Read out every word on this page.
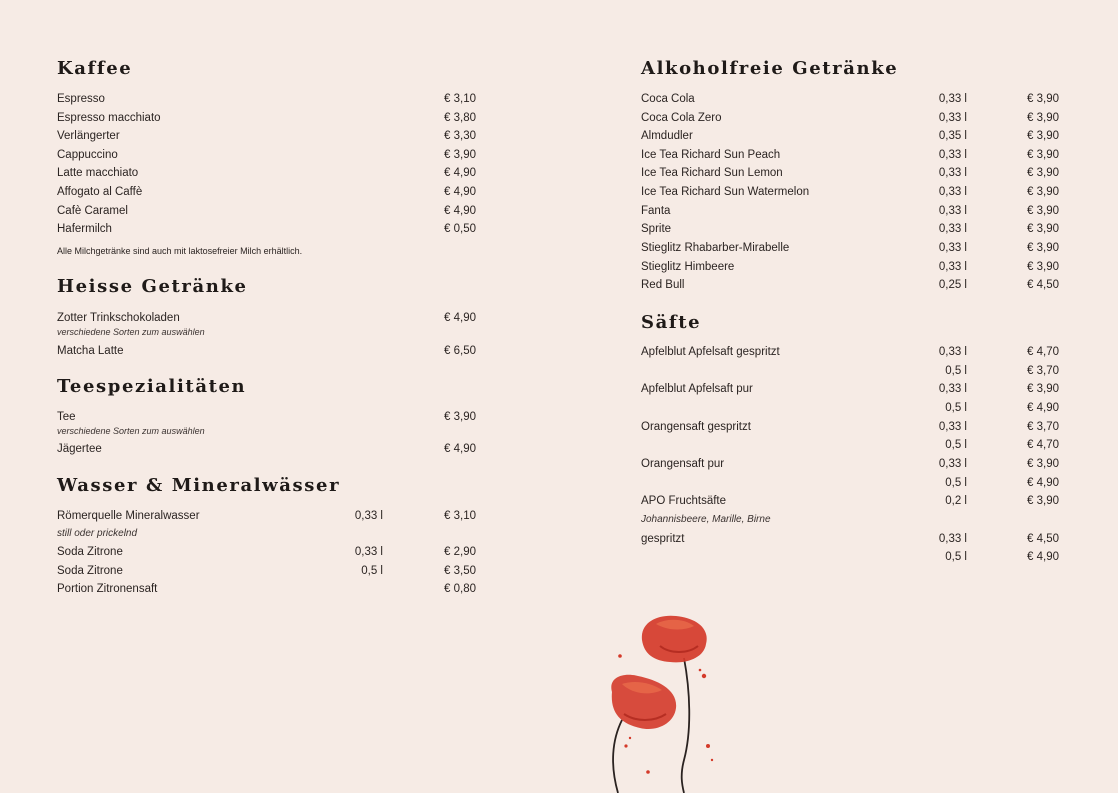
Kaffee
Espresso	€ 3,10
Espresso macchiato	€ 3,80
Verlängerter	€ 3,30
Cappuccino	€ 3,90
Latte macchiato	€ 4,90
Affogato al Caffè	€ 4,90
Cafè Caramel	€ 4,90
Hafermilch	€ 0,50
Alle Milchgetränke sind auch mit laktosefreier Milch erhältlich.
Heisse Getränke
Zotter Trinkschokoladen	€ 4,90
verschiedene Sorten zum auswählen
Matcha Latte	€ 6,50
Teespezialitäten
Tee	€ 3,90
verschiedene Sorten zum auswählen
Jägertee	€ 4,90
Wasser & Mineralwässer
Römerquelle Mineralwasser	0,33 l	€ 3,10
still oder prickelnd
Soda Zitrone	0,33 l	€ 2,90
Soda Zitrone	0,5 l	€ 3,50
Portion Zitronensaft	€ 0,80
Alkoholfreie Getränke
Coca Cola	0,33 l	€ 3,90
Coca Cola Zero	0,33 l	€ 3,90
Almdudler	0,35 l	€ 3,90
Ice Tea Richard Sun Peach	0,33 l	€ 3,90
Ice Tea Richard Sun Lemon	0,33 l	€ 3,90
Ice Tea Richard Sun Watermelon	0,33 l	€ 3,90
Fanta	0,33 l	€ 3,90
Sprite	0,33 l	€ 3,90
Stieglitz Rhabarber-Mirabelle	0,33 l	€ 3,90
Stieglitz Himbeere	0,33 l	€ 3,90
Red Bull	0,25 l	€ 4,50
Säfte
Apfelblut Apfelsaft gespritzt	0,33 l	€ 4,70
0,5 l	€ 3,70
Apfelblut Apfelsaft pur	0,33 l	€ 3,90
0,5 l	€ 4,90
Orangensaft gespritzt	0,33 l	€ 3,70
0,5 l	€ 4,70
Orangensaft pur	0,33 l	€ 3,90
0,5 l	€ 4,90
APO Fruchtsäfte	0,2 l	€ 3,90
Johannisbeere, Marille, Birne
gespritzt	0,33 l	€ 4,50
0,5 l	€ 4,90
